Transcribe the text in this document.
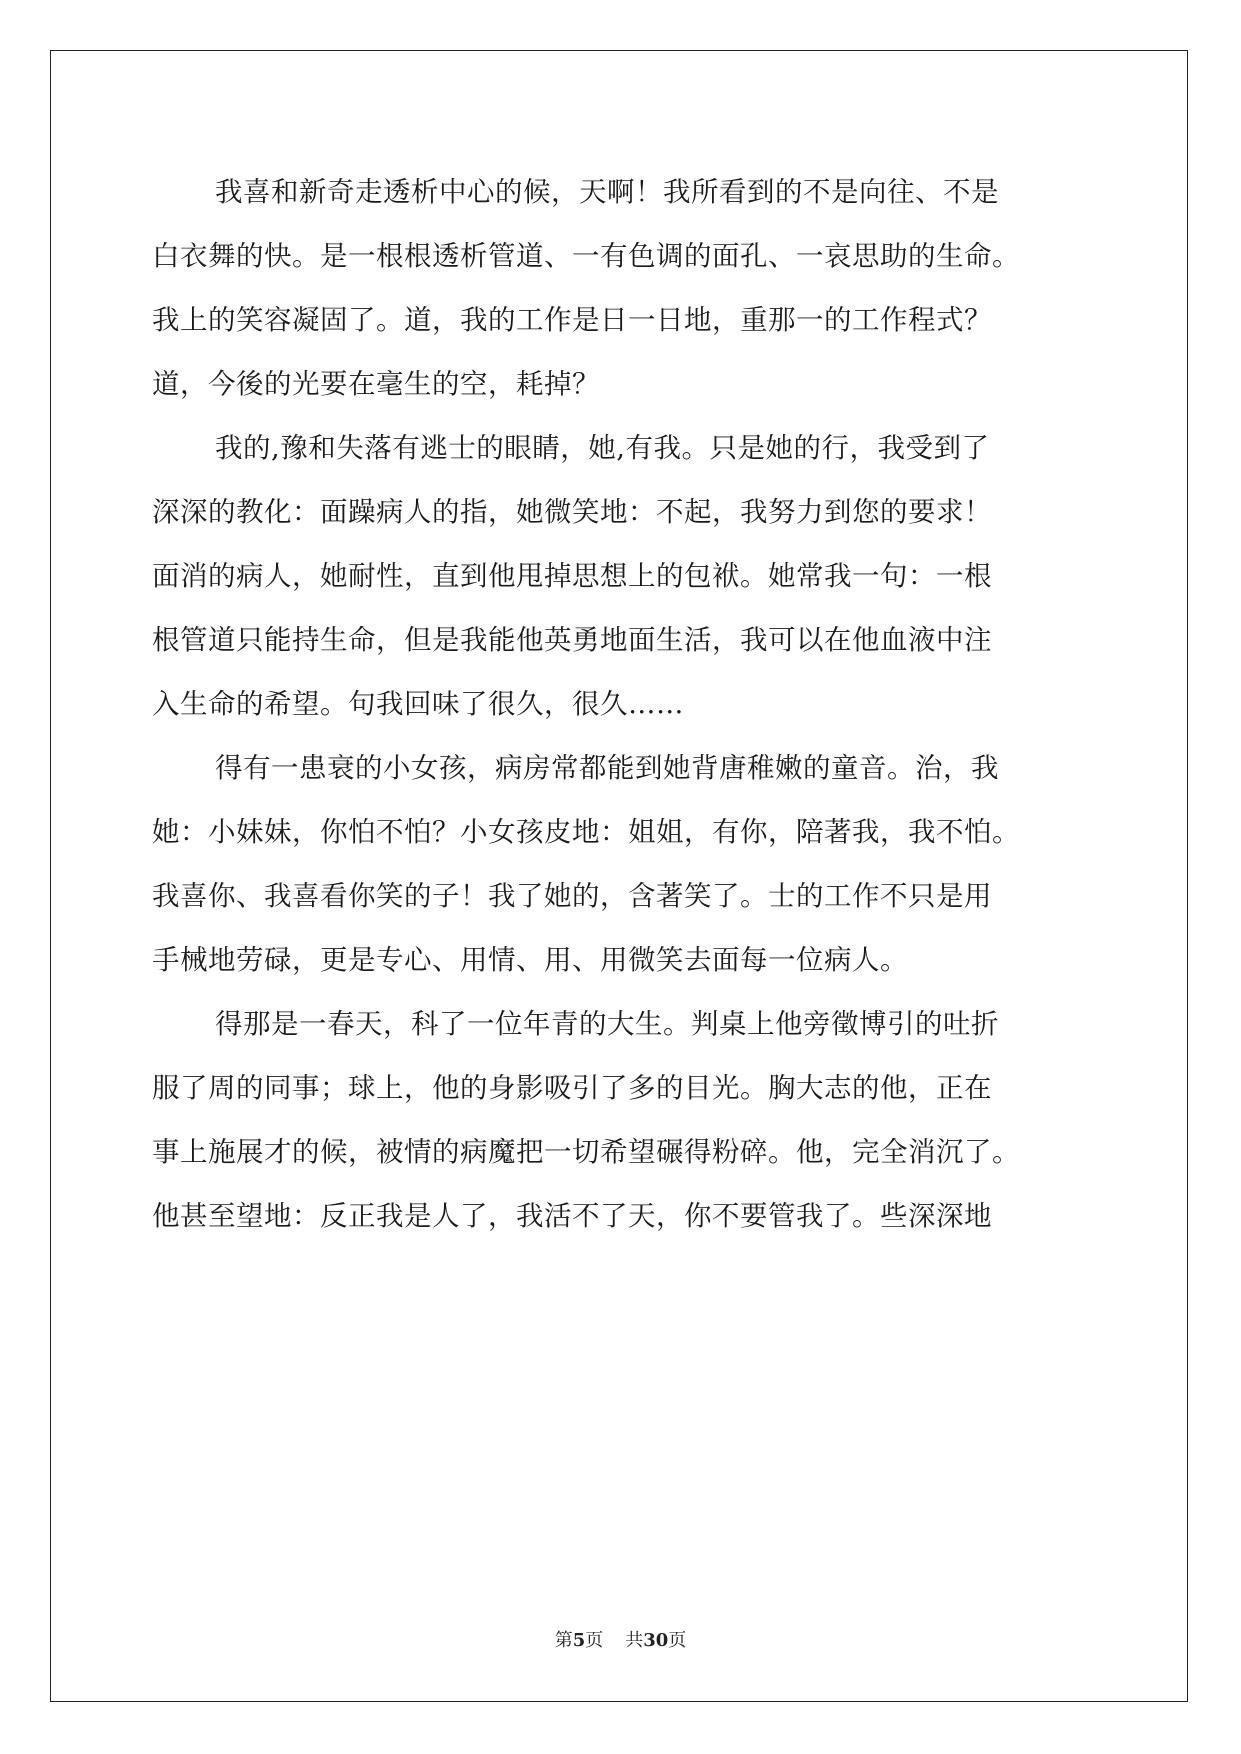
我喜和新奇走透析中心的候，天啊！我所看到的不是向往、不是
白衣舞的快。是一根根透析管道、一有色调的面孔、一哀思助的生命。
我上的笑容凝固了。道，我的工作是日一日地，重那一的工作程式？
道，今後的光要在毫生的空，耗掉？
我的,豫和失落有逃士的眼睛，她,有我。只是她的行，我受到了
深深的教化：面躁病人的指，她微笑地：不起，我努力到您的要求！
面消的病人，她耐性，直到他甩掉思想上的包袱。她常我一句：一根
根管道只能持生命，但是我能他英勇地面生活，我可以在他血液中注
入生命的希望。句我回味了很久，很久……
得有一患衰的小女孩，病房常都能到她背唐稚嫩的童音。治，我
她：小妹妹，你怕不怕？小女孩皮地：姐姐，有你，陪著我，我不怕。
我喜你、我喜看你笑的子！我了她的，含著笑了。士的工作不只是用
手械地劳碌，更是专心、用情、用、用微笑去面每一位病人。
得那是一春天，科了一位年青的大生。判桌上他旁徵博引的吐折
服了周的同事；球上，他的身影吸引了多的目光。胸大志的他，正在
事上施展才的候，被情的病魔把一切希望碾得粉碎。他，完全消沉了。
他甚至望地：反正我是人了，我活不了天，你不要管我了。些深深地
第5页 共30页
